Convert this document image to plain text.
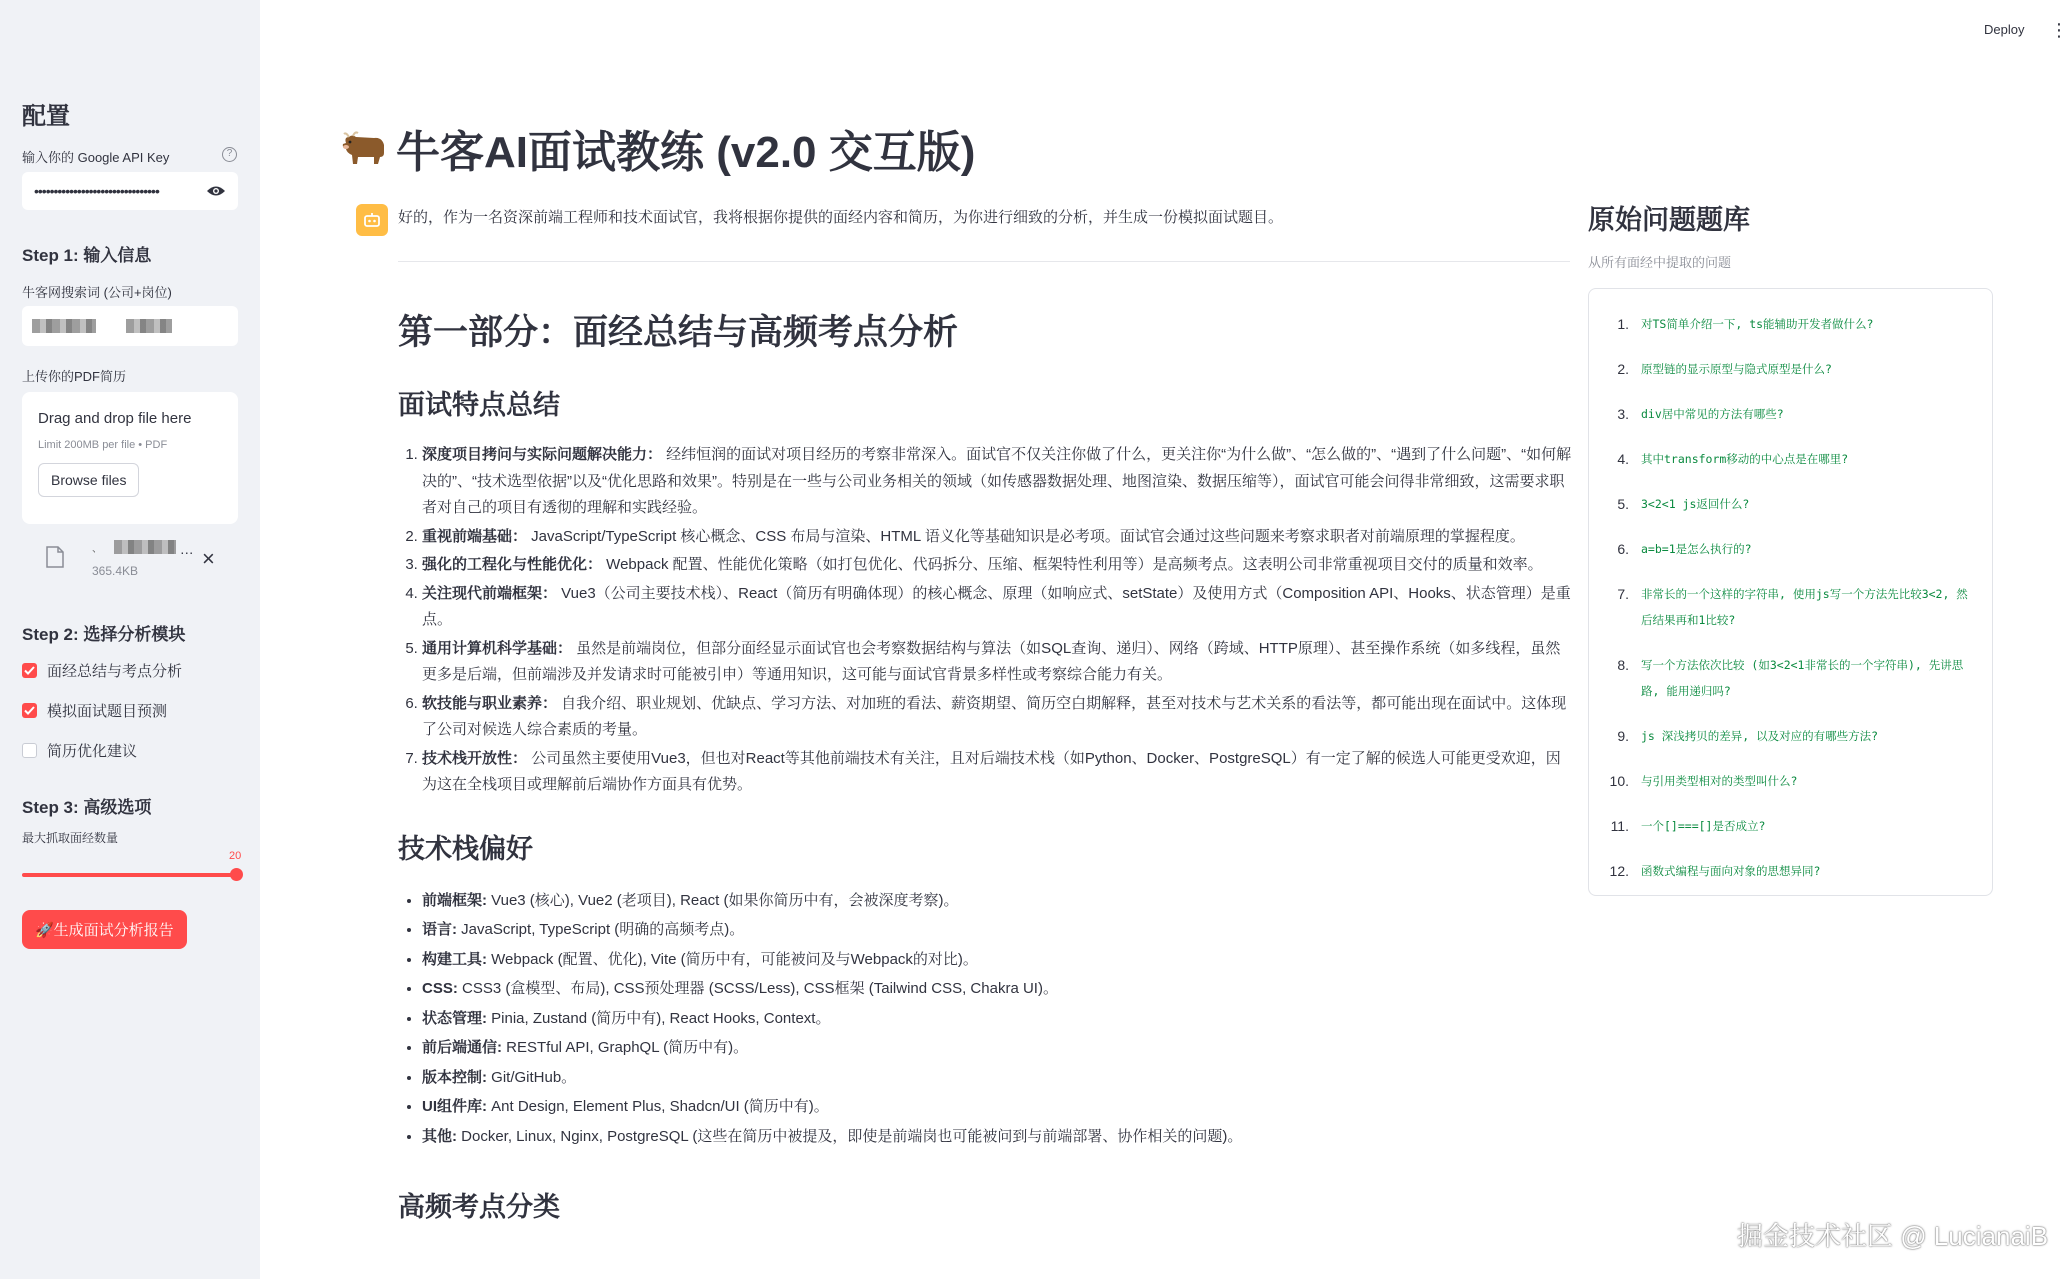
配置
输入你的 Google API Key	?
••••••••••••••••••••••••••••••••
Step 1: 输入信息
牛客网搜索词 (公司+岗位)
上传你的PDF简历
Drag and drop file here
Limit 200MB per file • PDF
Browse files
、	…
365.4KB	×
Step 2: 选择分析模块
面经总结与考点分析
模拟面试题目预测
简历优化建议
Step 3: 高级选项
最大抓取面经数量
20
🚀生成面试分析报告
Deploy ⋮
牛客AI面试教练 (v2.0 交互版)
好的，作为一名资深前端工程师和技术面试官，我将根据你提供的面经内容和简历，为你进行细致的分析，并生成一份模拟面试题目。
第一部分：面经总结与高频考点分析
面试特点总结
1. 深度项目拷问与实际问题解决能力： 经纬恒润的面试对项目经历的考察非常深入。面试官不仅关注你做了什么，更关注你“为什么做”、“怎么做的”、“遇到了什么问题”、“如何解决的”、“技术选型依据”以及“优化思路和效果”。特别是在一些与公司业务相关的领域（如传感器数据处理、地图渲染、数据压缩等），面试官可能会问得非常细致，这需要求职者对自己的项目有透彻的理解和实践经验。
2. 重视前端基础： JavaScript/TypeScript 核心概念、CSS 布局与渲染、HTML 语义化等基础知识是必考项。面试官会通过这些问题来考察求职者对前端原理的掌握程度。
3. 强化的工程化与性能优化： Webpack 配置、性能优化策略（如打包优化、代码拆分、压缩、框架特性利用等）是高频考点。这表明公司非常重视项目交付的质量和效率。
4. 关注现代前端框架： Vue3（公司主要技术栈）、React（简历有明确体现）的核心概念、原理（如响应式、setState）及使用方式（Composition API、Hooks、状态管理）是重点。
5. 通用计算机科学基础： 虽然是前端岗位，但部分面经显示面试官也会考察数据结构与算法（如SQL查询、递归）、网络（跨域、HTTP原理）、甚至操作系统（如多线程，虽然更多是后端，但前端涉及并发请求时可能被引申）等通用知识，这可能与面试官背景多样性或考察综合能力有关。
6. 软技能与职业素养： 自我介绍、职业规划、优缺点、学习方法、对加班的看法、薪资期望、简历空白期解释，甚至对技术与艺术关系的看法等，都可能出现在面试中。这体现了公司对候选人综合素质的考量。
7. 技术栈开放性： 公司虽然主要使用Vue3，但也对React等其他前端技术有关注，且对后端技术栈（如Python、Docker、PostgreSQL）有一定了解的候选人可能更受欢迎，因为这在全栈项目或理解前后端协作方面具有优势。
技术栈偏好
• 前端框架: Vue3 (核心), Vue2 (老项目), React (如果你简历中有，会被深度考察)。
• 语言: JavaScript, TypeScript (明确的高频考点)。
• 构建工具: Webpack (配置、优化), Vite (简历中有，可能被问及与Webpack的对比)。
• CSS: CSS3 (盒模型、布局), CSS预处理器 (SCSS/Less), CSS框架 (Tailwind CSS, Chakra UI)。
• 状态管理: Pinia, Zustand (简历中有), React Hooks, Context。
• 前后端通信: RESTful API, GraphQL (简历中有)。
• 版本控制: Git/GitHub。
• UI组件库: Ant Design, Element Plus, Shadcn/UI (简历中有)。
• 其他: Docker, Linux, Nginx, PostgreSQL (这些在简历中被提及，即使是前端岗也可能被问到与前端部署、协作相关的问题)。
高频考点分类
原始问题题库
从所有面经中提取的问题
1. 对TS简单介绍一下, ts能辅助开发者做什么?
2. 原型链的显示原型与隐式原型是什么?
3. div居中常见的方法有哪些?
4. 其中transform移动的中心点是在哪里?
5. 3<2<1 js返回什么?
6. a=b=1是怎么执行的?
7. 非常长的一个这样的字符串, 使用js写一个方法先比较3<2, 然后结果再和1比较?
8. 写一个方法依次比较 (如3<2<1非常长的一个字符串), 先讲思路, 能用递归吗?
9. js 深浅拷贝的差异, 以及对应的有哪些方法?
10. 与引用类型相对的类型叫什么?
11. 一个[]===[]是否成立?
12. 函数式编程与面向对象的思想异同?
掘金技术社区 @ LucianaiB
